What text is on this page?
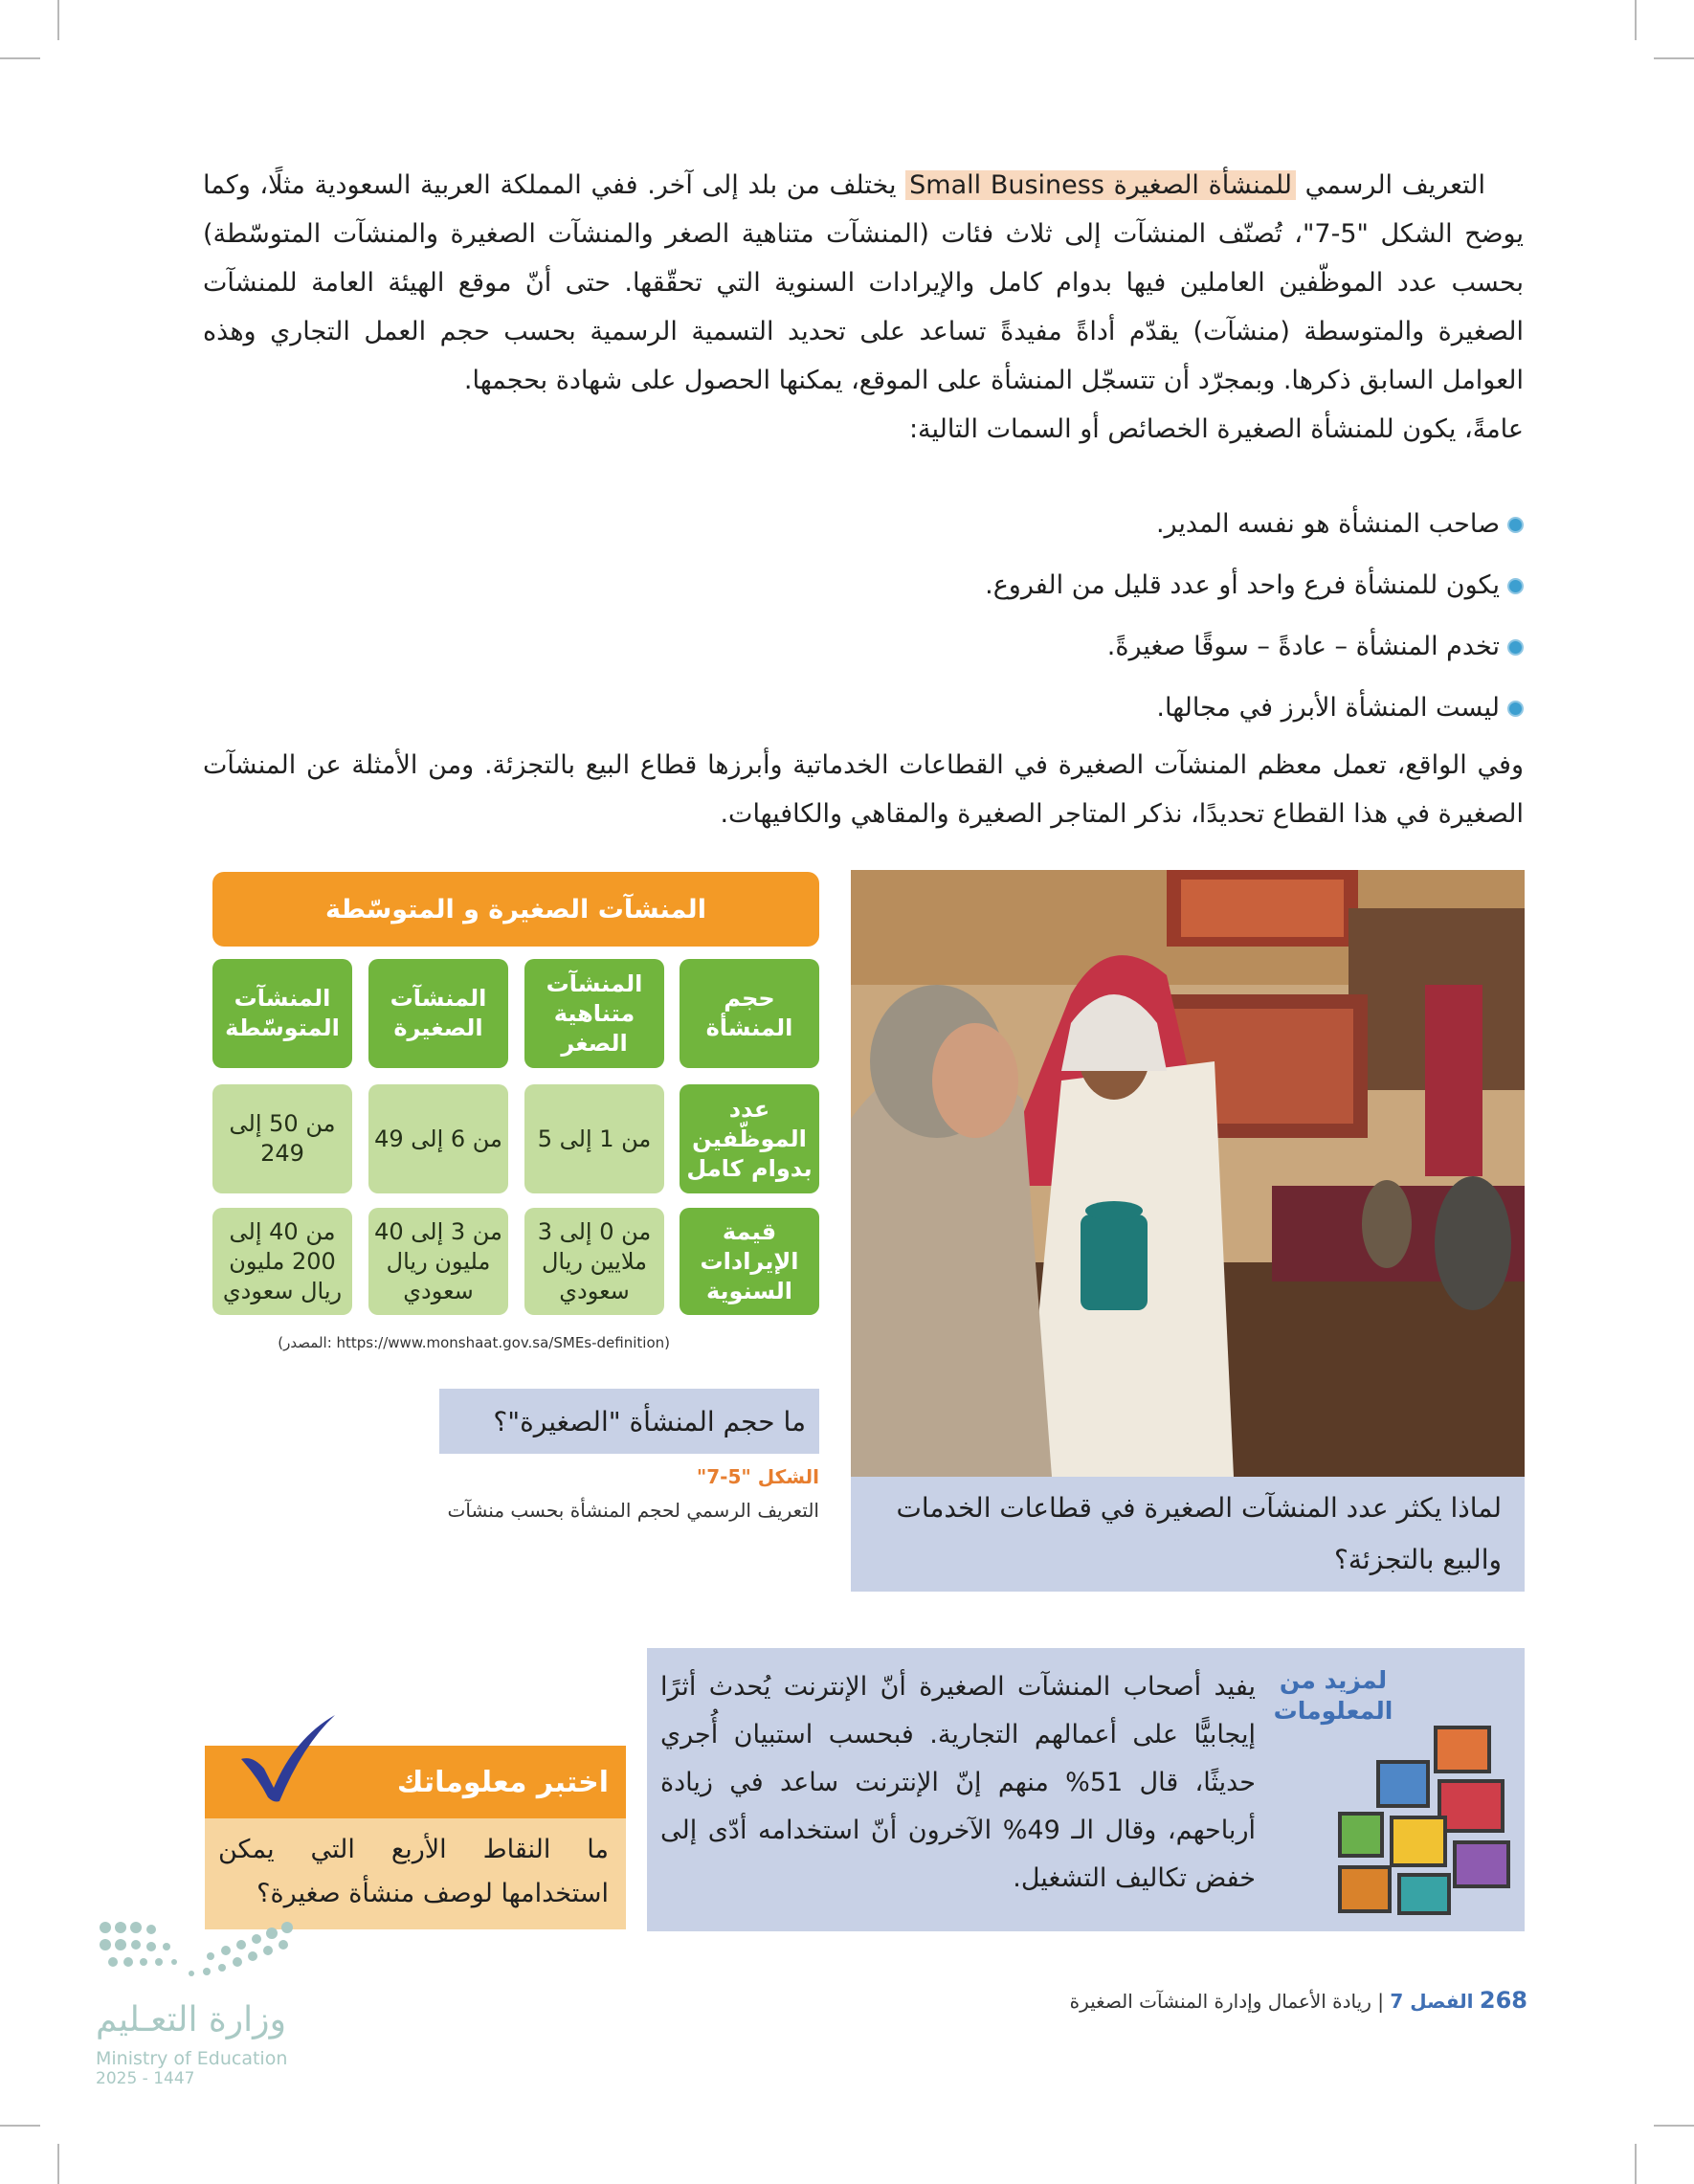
التعريف الرسمي للمنشأة الصغيرة Small Business يختلف من بلد إلى آخر. ففي المملكة العربية السعودية مثلًا، وكما يوضح الشكل "5-7"، تُصنّف المنشآت إلى ثلاث فئات (المنشآت متناهية الصغر والمنشآت الصغيرة والمنشآت المتوسّطة) بحسب عدد الموظّفين العاملين فيها بدوام كامل والإيرادات السنوية التي تحقّقها. حتى أنّ موقع الهيئة العامة للمنشآت الصغيرة والمتوسطة (منشآت) يقدّم أداةً مفيدةً تساعد على تحديد التسمية الرسمية بحسب حجم العمل التجاري وهذه العوامل السابق ذكرها. وبمجرّد أن تتسجّل المنشأة على الموقع، يمكنها الحصول على شهادة بحجمها.

عامةً، يكون للمنشأة الصغيرة الخصائص أو السمات التالية:

صاحب المنشأة هو نفسه المدير.
يكون للمنشأة فرع واحد أو عدد قليل من الفروع.
تخدم المنشأة – عادةً – سوقًا صغيرةً.
ليست المنشأة الأبرز في مجالها.

وفي الواقع، تعمل معظم المنشآت الصغيرة في القطاعات الخدماتية وأبرزها قطاع البيع بالتجزئة. ومن الأمثلة عن المنشآت الصغيرة في هذا القطاع تحديدًا، نذكر المتاجر الصغيرة والمقاهي والكافيهات.

المنشآت الصغيرة و المتوسّطة
حجم المنشأة
المنشآت متناهية الصغر
المنشآت الصغيرة
المنشآت المتوسّطة
عدد الموظّفين بدوام كامل
من 1 إلى 5
من 6 إلى 49
من 50 إلى 249
قيمة الإيرادات السنوية
من 0 إلى 3 ملايين ريال سعودي
من 3 إلى 40 مليون ريال سعودي
من 40 إلى 200 مليون ريال سعودي
(المصدر: https://www.monshaat.gov.sa/SMEs-definition)
ما حجم المنشأة "الصغيرة"؟
الشكل "5-7"
التعريف الرسمي لحجم المنشأة بحسب منشآت	لماذا يكثر عدد المنشآت الصغيرة في قطاعات الخدمات والبيع بالتجزئة؟
لمزيد من المعلومات

يفيد أصحاب المنشآت الصغيرة أنّ الإنترنت يُحدث أثرًا إيجابيًّا على أعمالهم التجارية. فبحسب استبيان أُجري حديثًا، قال 51% منهم إنّ الإنترنت ساعد في زيادة أرباحهم، وقال الـ 49% الآخرون أنّ استخدامه أدّى إلى خفض تكاليف التشغيل.

اختبر معلوماتك
ما النقاط الأربع التي يمكن استخدامها لوصف منشأة صغيرة؟
268 الفصل 7 | ريادة الأعمال وإدارة المنشآت الصغيرة
وزارة التعـليم
Ministry of Education
2025 - 1447
